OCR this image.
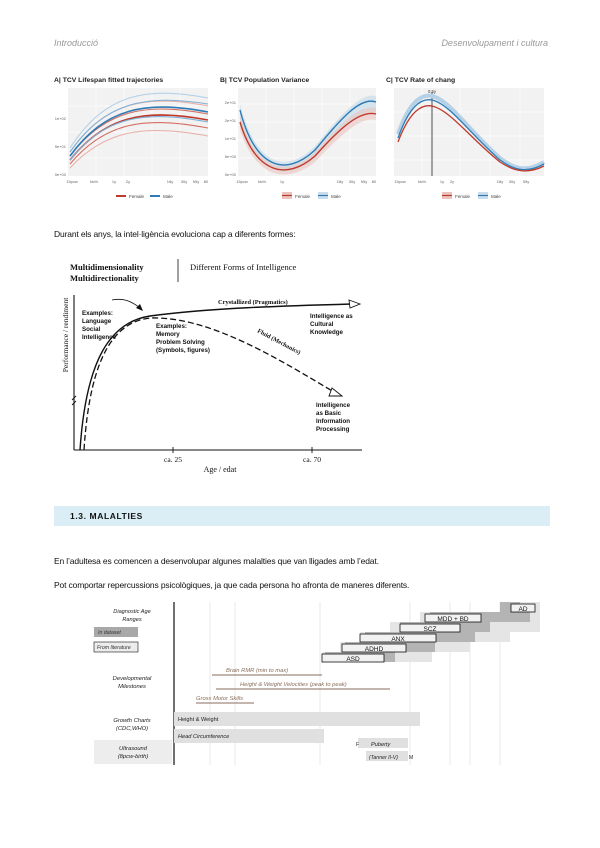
Introducció	Desenvolupament i cultura
A| TCV Lifespan fitted trajectories
1e+02
5e+01
0e+00
15pcw	birth	1y 2y	18y 30y 55y 80
Female	Male
B| TCV Population Variance
2e+01
2e+01
1e+01
5e+00
0e+00
15pcw	birth	1y	18y 30y 55y 80
Female	Male
C| TCV Rate of chang
0.5y
15pcw	birth	1y 2y	18y 30y 55y
Female	Male
Durant els anys, la intel·ligència evoluciona cap a diferents formes:
Multidimensionality
Multidirectionality
Different Forms of Intelligence
ca. 25	ca. 70
Age / edat
Performance / rendiment	Crystallized (Pragmatics)
Fluid (Mechanics)
Examples:
Language
Social
Intelligence
Examples:
Memory
Problem Solving
(Symbols, figures)
Intelligence as
Cultural
Knowledge
Intelligence
as Basic
Information
Processing
1.3. MALALTIES
En l’adultesa es comencen a desenvolupar algunes malalties que van lligades amb l’edat.
Pot comportar repercussions psicològiques, ja que cada persona ho afronta de maneres diferents.
Diagnostic Age
Ranges
In dataset
From literature
AD
MDD + BD
SCZ
ANX
ADHD
ASD
Developmental
Milestones
Brain RMR (min to max)
Height & Weight Velocities (peak to peak)
Gross Motor Skills
Growth Charts
(CDC,WHO)
Height & Weight
Head Circumference
F Puberty
(Tanner II-V) M
Ultrasound
(8pcw-birth)
